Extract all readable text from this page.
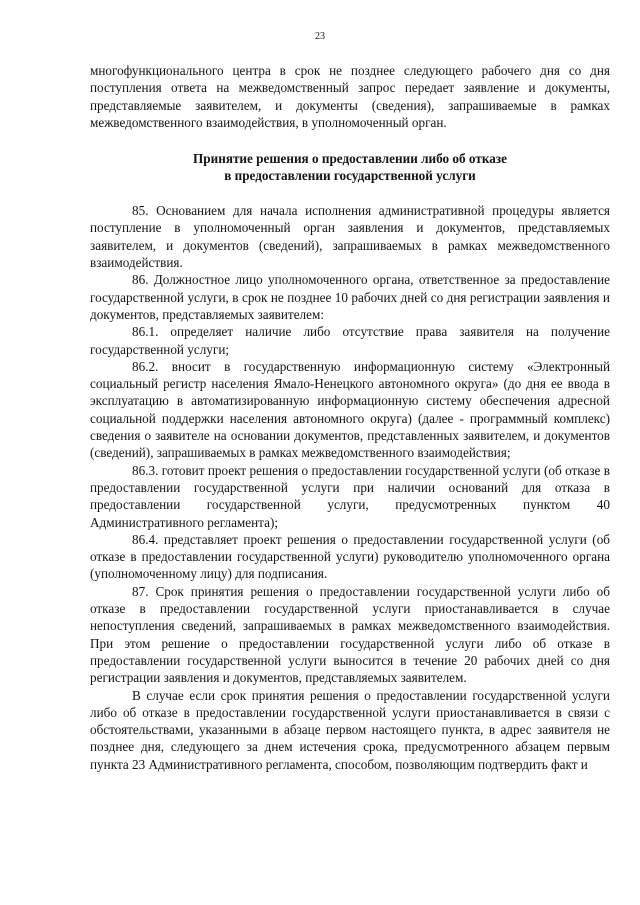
23

многофункционального центра в срок не позднее следующего рабочего дня со дня поступления ответа на межведомственный запрос передает заявление и документы, представляемые заявителем, и документы (сведения), запрашиваемые в рамках межведомственного взаимодействия, в уполномоченный орган.

Принятие решения о предоставлении либо об отказе
в предоставлении государственной услуги

85. Основанием для начала исполнения административной процедуры является поступление в уполномоченный орган заявления и документов, представляемых заявителем, и документов (сведений), запрашиваемых в рамках межведомственного взаимодействия.

86. Должностное лицо уполномоченного органа, ответственное за предоставление государственной услуги, в срок не позднее 10 рабочих дней со дня регистрации заявления и документов, представляемых заявителем:

86.1. определяет наличие либо отсутствие права заявителя на получение государственной услуги;

86.2. вносит в государственную информационную систему «Электронный социальный регистр населения Ямало-Ненецкого автономного округа» (до дня ее ввода в эксплуатацию в автоматизированную информационную систему обеспечения адресной социальной поддержки населения автономного округа) (далее - программный комплекс) сведения о заявителе на основании документов, представленных заявителем, и документов (сведений), запрашиваемых в рамках межведомственного взаимодействия;

86.3. готовит проект решения о предоставлении государственной услуги (об отказе в предоставлении государственной услуги при наличии оснований для отказа в предоставлении государственной услуги, предусмотренных пунктом 40 Административного регламента);

86.4. представляет проект решения о предоставлении государственной услуги (об отказе в предоставлении государственной услуги) руководителю уполномоченного органа (уполномоченному лицу) для подписания.

87. Срок принятия решения о предоставлении государственной услуги либо об отказе в предоставлении государственной услуги приостанавливается в случае непоступления сведений, запрашиваемых в рамках межведомственного взаимодействия. При этом решение о предоставлении государственной услуги либо об отказе в предоставлении государственной услуги выносится в течение 20 рабочих дней со дня регистрации заявления и документов, представляемых заявителем.

В случае если срок принятия решения о предоставлении государственной услуги либо об отказе в предоставлении государственной услуги приостанавливается в связи с обстоятельствами, указанными в абзаце первом настоящего пункта, в адрес заявителя не позднее дня, следующего за днем истечения срока, предусмотренного абзацем первым пункта 23 Административного регламента, способом, позволяющим подтвердить факт и
